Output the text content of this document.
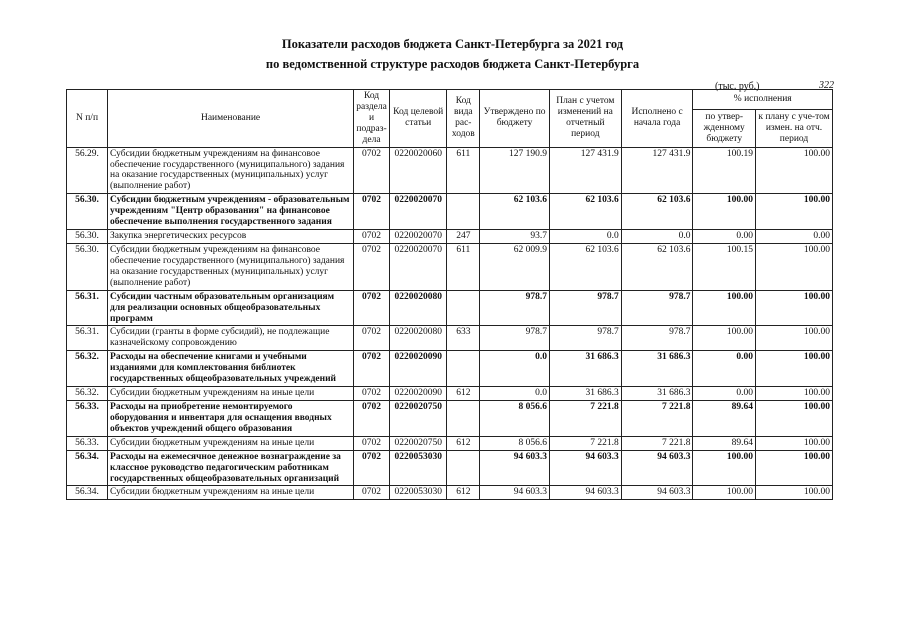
Показатели расходов бюджета Санкт-Петербурга за 2021 год
по ведомственной структуре расходов бюджета Санкт-Петербурга
(тыс. руб.)	322
N п/п	Наименование	Код раздела и подраз-дела	Код целевой статьи	Код вида рас-ходов	Утверждено по бюджету	План с учетом изменений на отчетный период	Исполнено с начала года	% исполнения	
								по утвер-жденному бюджету	к плану с уче-том измен. на отч. период
56.29.	Субсидии бюджетным учреждениям на финансовое обеспечение государственного (муниципального) задания на оказание государственных (муниципальных) услуг (выполнение работ)	0702	0220020060	611	127 190.9	127 431.9	127 431.9	100.19	100.00
56.30.	Субсидии бюджетным учреждениям - образовательным учреждениям "Центр образования" на финансовое обеспечение выполнения государственного задания	0702	0220020070		62 103.6	62 103.6	62 103.6	100.00	100.00
56.30.	Закупка энергетических ресурсов	0702	0220020070	247	93.7	0.0	0.0	0.00	0.00
56.30.	Субсидии бюджетным учреждениям на финансовое обеспечение государственного (муниципального) задания на оказание государственных (муниципальных) услуг (выполнение работ)	0702	0220020070	611	62 009.9	62 103.6	62 103.6	100.15	100.00
56.31.	Субсидии частным образовательным организациям для реализации основных общеобразовательных программ	0702	0220020080		978.7	978.7	978.7	100.00	100.00
56.31.	Субсидии (гранты в форме субсидий), не подлежащие казначейскому сопровождению	0702	0220020080	633	978.7	978.7	978.7	100.00	100.00
56.32.	Расходы на обеспечение книгами и учебными изданиями для комплектования библиотек государственных общеобразовательных учреждений	0702	0220020090		0.0	31 686.3	31 686.3	0.00	100.00
56.32.	Субсидии бюджетным учреждениям на иные цели	0702	0220020090	612	0.0	31 686.3	31 686.3	0.00	100.00
56.33.	Расходы на приобретение немонтируемого оборудования и инвентаря для оснащения вводных объектов учреждений общего образования	0702	0220020750		8 056.6	7 221.8	7 221.8	89.64	100.00
56.33.	Субсидии бюджетным учреждениям на иные цели	0702	0220020750	612	8 056.6	7 221.8	7 221.8	89.64	100.00
56.34.	Расходы на ежемесячное денежное вознаграждение за классное руководство педагогическим работникам государственных общеобразовательных организаций	0702	0220053030		94 603.3	94 603.3	94 603.3	100.00	100.00
56.34.	Субсидии бюджетным учреждениям на иные цели	0702	0220053030	612	94 603.3	94 603.3	94 603.3	100.00	100.00
